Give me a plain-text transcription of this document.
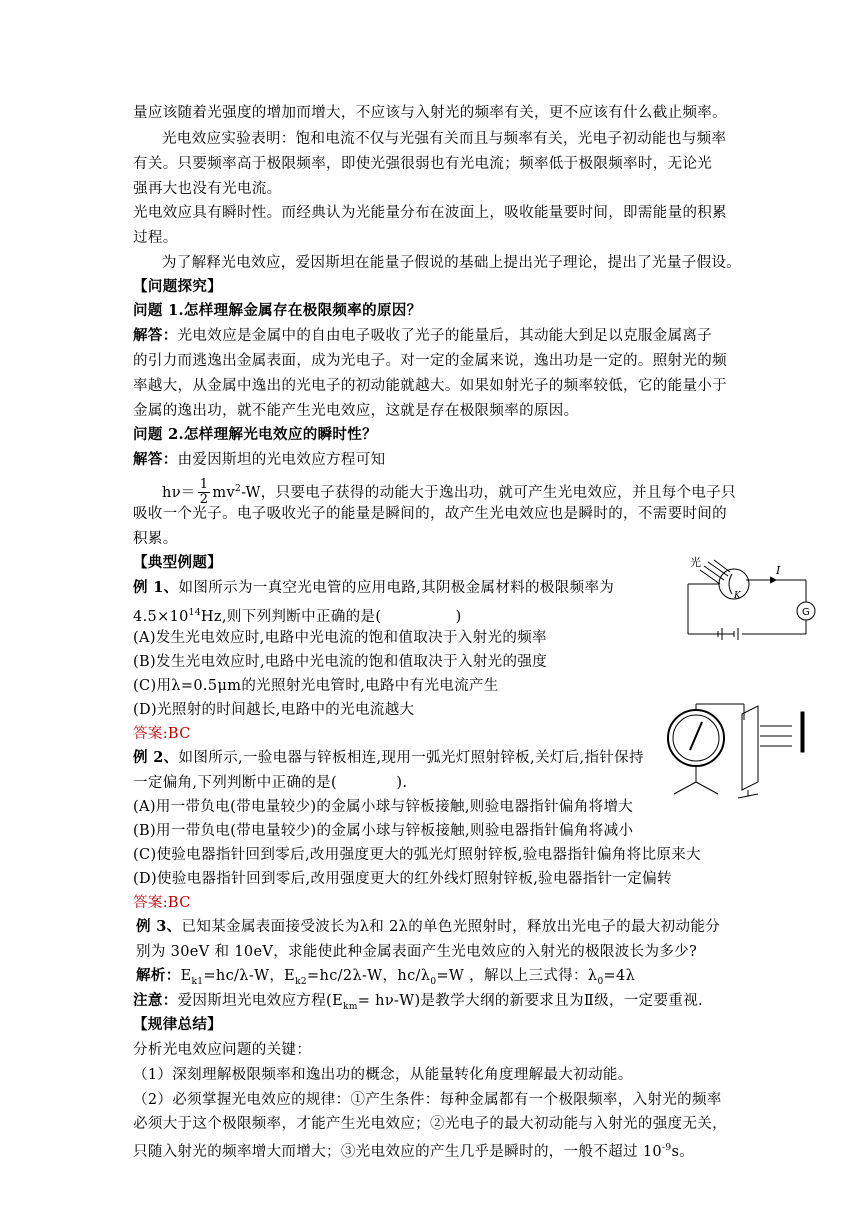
量应该随着光强度的增加而增大，不应该与入射光的频率有关，更不应该有什么截止频率。
光电效应实验表明：饱和电流不仅与光强有关而且与频率有关，光电子初动能也与频率
有关。只要频率高于极限频率，即使光强很弱也有光电流；频率低于极限频率时，无论光
强再大也没有光电流。
光电效应具有瞬时性。而经典认为光能量分布在波面上，吸收能量要时间，即需能量的积累
过程。
为了解释光电效应，爱因斯坦在能量子假说的基础上提出光子理论，提出了光量子假设。
【问题探究】
问题 1.怎样理解金属存在极限频率的原因？
解答：光电效应是金属中的自由电子吸收了光子的能量后，其动能大到足以克服金属离子
的引力而逃逸出金属表面，成为光电子。对一定的金属来说，逸出功是一定的。照射光的频
率越大，从金属中逸出的光电子的初动能就越大。如果如射光子的频率较低，它的能量小于
金属的逸出功，就不能产生光电效应，这就是存在极限频率的原因。
问题 2.怎样理解光电效应的瞬时性？
解答：由爱因斯坦的光电效应方程可知
$h\nu= \frac{1}{2} mv^2-W$，只要电子获得的动能大于逸出功，就可产生光电效应，并且每个电子只
吸收一个光子。电子吸收光子的能量是瞬间的，故产生光电效应也是瞬时的，不需要时间的
积累。
【典型例题】
例 1、如图所示为一真空光电管的应用电路,其阴极金属材料的极限频率为
$4.5\times 10^{14}Hz$,则下列判断中正确的是(　　　　　)
(A)发生光电效应时,电路中光电流的饱和值取决于入射光的频率
(B)发生光电效应时,电路中光电流的饱和值取决于入射光的强度
(C)用λ=0.5μm的光照射光电管时,电路中有光电流产生
(D)光照射的时间越长,电路中的光电流越大
答案:BC
例 2、如图所示,一验电器与锌板相连,现用一弧光灯照射锌板,关灯后,指针保持
一定偏角,下列判断中正确的是(　　　　).
(A)用一带负电(带电量较少)的金属小球与锌板接触,则验电器指针偏角将增大
(B)用一带负电(带电量较少)的金属小球与锌板接触,则验电器指针偏角将减小
(C)使验电器指针回到零后,改用强度更大的弧光灯照射锌板,验电器指针偏角将比原来大
(D)使验电器指针回到零后,改用强度更大的红外线灯照射锌板,验电器指针一定偏转
答案:BC
例 3、已知某金属表面接受波长为λ和 2λ的单色光照射时，释放出光电子的最大初动能分
别为 30eV 和 10eV，求能使此种金属表面产生光电效应的入射光的极限波长为多少?
解析：$E_{k1}=hc/\lambda-W$，$E_{k2}=hc/2\lambda-W$，$hc/\lambda_0=W$ ，解以上三式得：$\lambda_0=4\lambda$
注意：爱因斯坦光电效应方程$(E_{km}= h\nu-W)$是教学大纲的新要求且为Ⅱ级，一定要重视.
【规律总结】
分析光电效应问题的关键：
（1）深刻理解极限频率和逸出功的概念，从能量转化角度理解最大初动能。
（2）必须掌握光电效应的规律：①产生条件：每种金属都有一个极限频率，入射光的频率
必须大于这个极限频率，才能产生光电效应；②光电子的最大初动能与入射光的强度无关，
只随入射光的频率增大而增大；③光电效应的产生几乎是瞬时的，一般不超过 $10^{-9}s$。
光
I
K
G
